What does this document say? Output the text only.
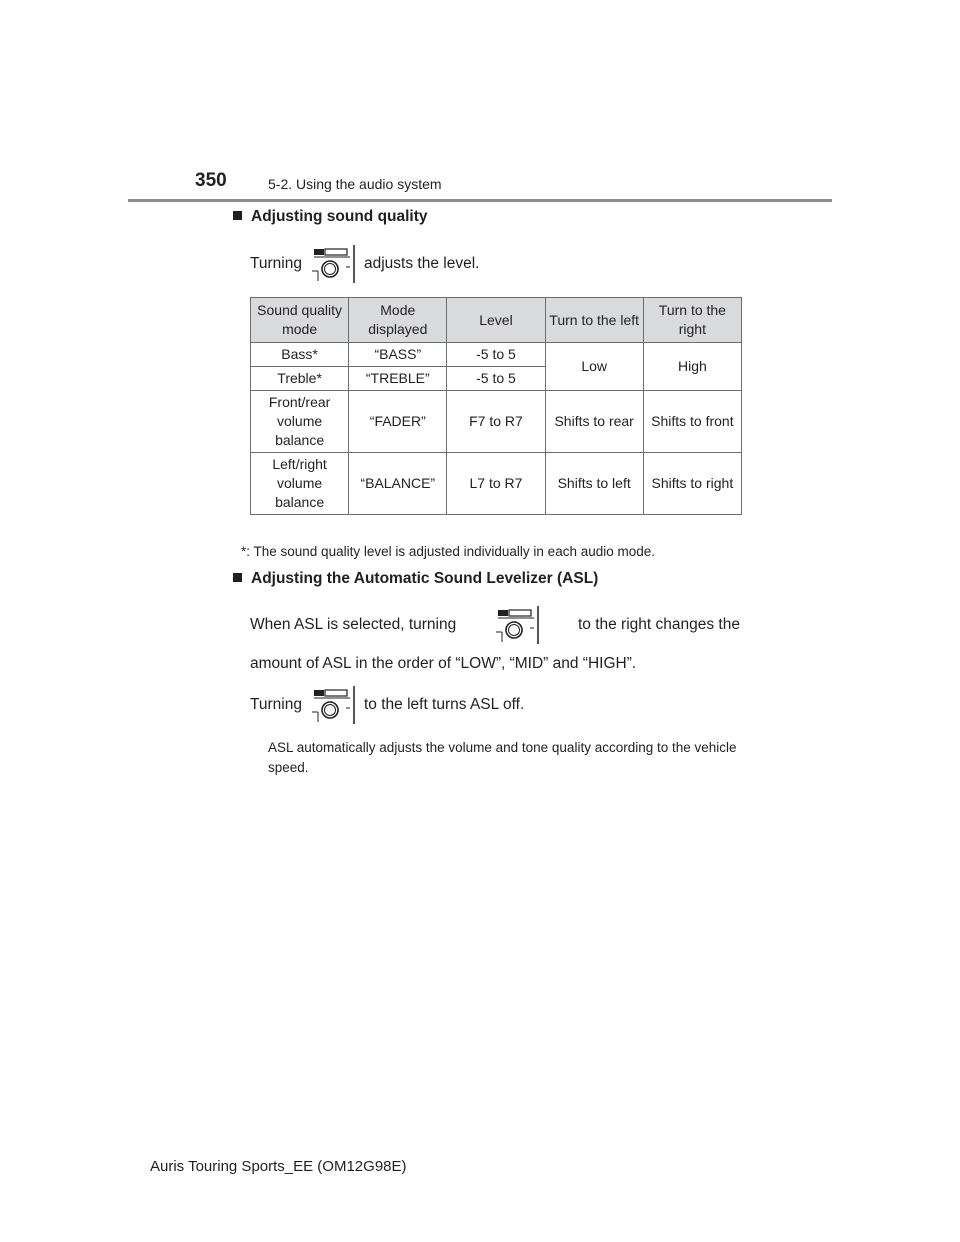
350	5-2. Using the audio system
Adjusting sound quality
Turning	adjusts the level.
Sound quality mode	Mode displayed	Level	Turn to the left	Turn to the right
Bass*	“BASS”	-5 to 5	Low	High
Treble*	“TREBLE”	-5 to 5		
Front/rear volume balance	“FADER”	F7 to R7	Shifts to rear	Shifts to front
Left/right volume balance	“BALANCE”	L7 to R7	Shifts to left	Shifts to right
*: The sound quality level is adjusted individually in each audio mode.
Adjusting the Automatic Sound Levelizer (ASL)
When ASL is selected, turning	to the right changes the
amount of ASL in the order of “LOW”, “MID” and “HIGH”.
Turning	to the left turns ASL off.
ASL automatically adjusts the volume and tone quality according to the vehicle speed.
Auris Touring Sports_EE (OM12G98E)
